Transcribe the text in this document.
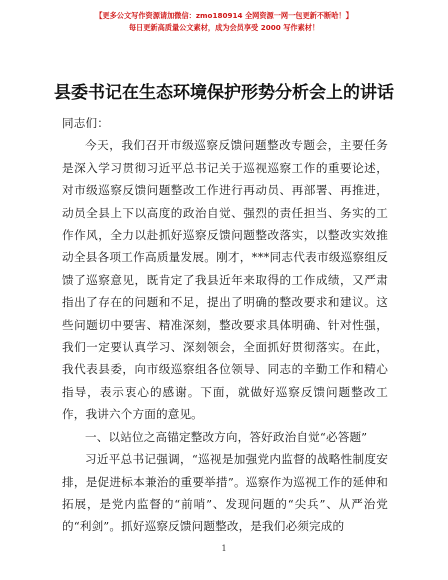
【更多公文写作资源请加微信：zmo180914 全网资源一网一包更新不断哈！】
每日更新高质量公文素材，成为会员享受 2000 写作素材！
县委书记在生态环境保护形势分析会上的讲话

同志们：

今天，我们召开市级巡察反馈问题整改专题会，主要任务是深入学习贯彻习近平总书记关于巡视巡察工作的重要论述，对市级巡察反馈问题整改工作进行再动员、再部署、再推进，动员全县上下以高度的政治自觉、强烈的责任担当、务实的工作作风，全力以赴抓好巡察反馈问题整改落实，以整改实效推动全县各项工作高质量发展。刚才，***同志代表市级巡察组反馈了巡察意见，既肯定了我县近年来取得的工作成绩，又严肃指出了存在的问题和不足，提出了明确的整改要求和建议。这些问题切中要害、精准深刻，整改要求具体明确、针对性强，我们一定要认真学习、深刻领会，全面抓好贯彻落实。在此，我代表县委，向市级巡察组各位领导、同志的辛勤工作和精心指导，表示衷心的感谢。下面，就做好巡察反馈问题整改工作，我讲六个方面的意见。

一、以站位之高锚定整改方向，答好政治自觉“必答题”

习近平总书记强调，“巡视是加强党内监督的战略性制度安排，是促进标本兼治的重要举措”。巡察作为巡视工作的延伸和拓展，是党内监督的“前哨”、发现问题的“尖兵”、从严治党的“利剑”。抓好巡察反馈问题整改，是我们必须完成的

1
